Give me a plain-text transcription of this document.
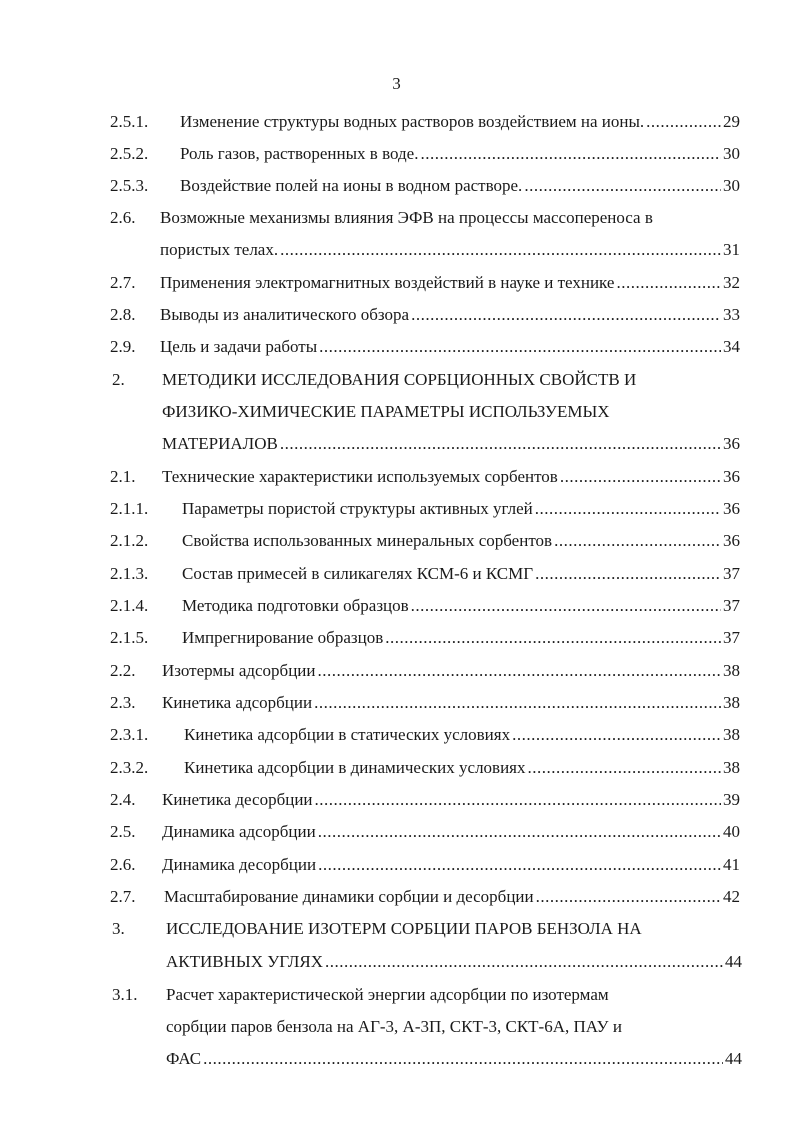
3
2.5.1. Изменение структуры водных растворов воздействием на ионы. .....	29
2.5.2. Роль газов, растворенных в воде. .....	30
2.5.3. Воздействие полей на ионы в водном растворе. .....	30
2.6. Возможные механизмы влияния ЭФВ на процессы массопереноса в
пористых телах. .....	31
2.7. Применения электромагнитных воздействий в науке и технике .....	32
2.8. Выводы из аналитического обзора .....	33
2.9. Цель и задачи работы .....	34
2. МЕТОДИКИ ИССЛЕДОВАНИЯ СОРБЦИОННЫХ СВОЙСТВ И
ФИЗИКО-ХИМИЧЕСКИЕ ПАРАМЕТРЫ ИСПОЛЬЗУЕМЫХ
МАТЕРИАЛОВ .....	36
2.1. Технические характеристики используемых сорбентов .....	36
2.1.1. Параметры пористой структуры активных углей .....	36
2.1.2. Свойства использованных минеральных сорбентов .....	36
2.1.3. Состав примесей в силикагелях КСМ-6 и КСМГ .....	37
2.1.4. Методика подготовки образцов .....	37
2.1.5. Импрегнирование образцов .....	37
2.2. Изотермы адсорбции .....	38
2.3. Кинетика адсорбции .....	38
2.3.1. Кинетика адсорбции в статических условиях .....	38
2.3.2. Кинетика адсорбции в динамических условиях .....	38
2.4. Кинетика десорбции .....	39
2.5. Динамика адсорбции .....	40
2.6. Динамика десорбции .....	41
2.7. Масштабирование динамики сорбции и десорбции .....	42
3. ИССЛЕДОВАНИЕ ИЗОТЕРМ СОРБЦИИ ПАРОВ БЕНЗОЛА НА
АКТИВНЫХ УГЛЯХ .....	44
3.1. Расчет характеристической энергии адсорбции по изотермам
сорбции паров бензола на АГ-3, А-3П, СКТ-3, СКТ-6А, ПАУ и
ФАС .....	44
